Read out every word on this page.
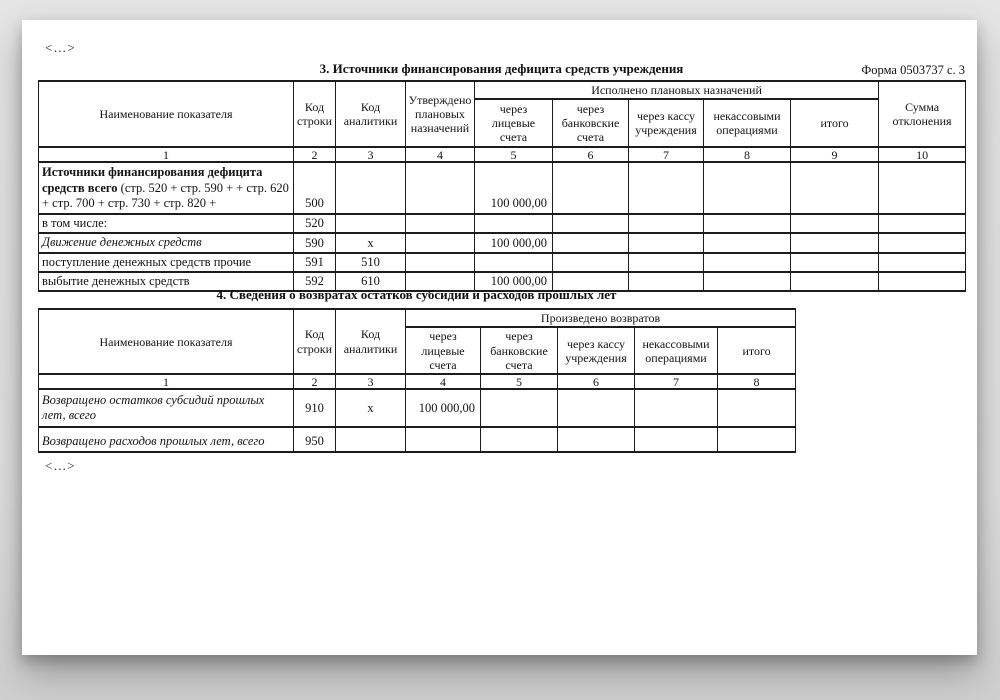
<…>
3. Источники финансирования дефицита средств учреждения	Форма 0503737 с. 3
Наименование показателя	Код строки	Код аналитики	Утверждено плановых назначений	Исполнено плановых назначений					Сумма отклонения
				через лицевые счета	через банковские счета	через кассу учреждения	некассовыми операциями	итого	
1	2	3	4	5	6	7	8	9	10
Источники финансирования дефицита средств всего (стр. 520 + стр. 590 + + стр. 620 + стр. 700 + стр. 730 + стр. 820 +	500			100 000,00					
в том числе:	520								
Движение денежных средств	590	х		100 000,00					
поступление денежных средств прочие	591	510							
выбытие денежных средств	592	610		100 000,00					
4. Сведения о возвратах остатков субсидий и расходов прошлых лет
Наименование показателя	Код строки	Код аналитики	Произведено возвратов				
			через лицевые счета	через банковские счета	через кассу учреждения	некассовыми операциями	итого
1	2	3	4	5	6	7	8
Возвращено остатков субсидий прошлых лет, всего	910	х	100 000,00				
Возвращено расходов прошлых лет, всего	950						
<…>
